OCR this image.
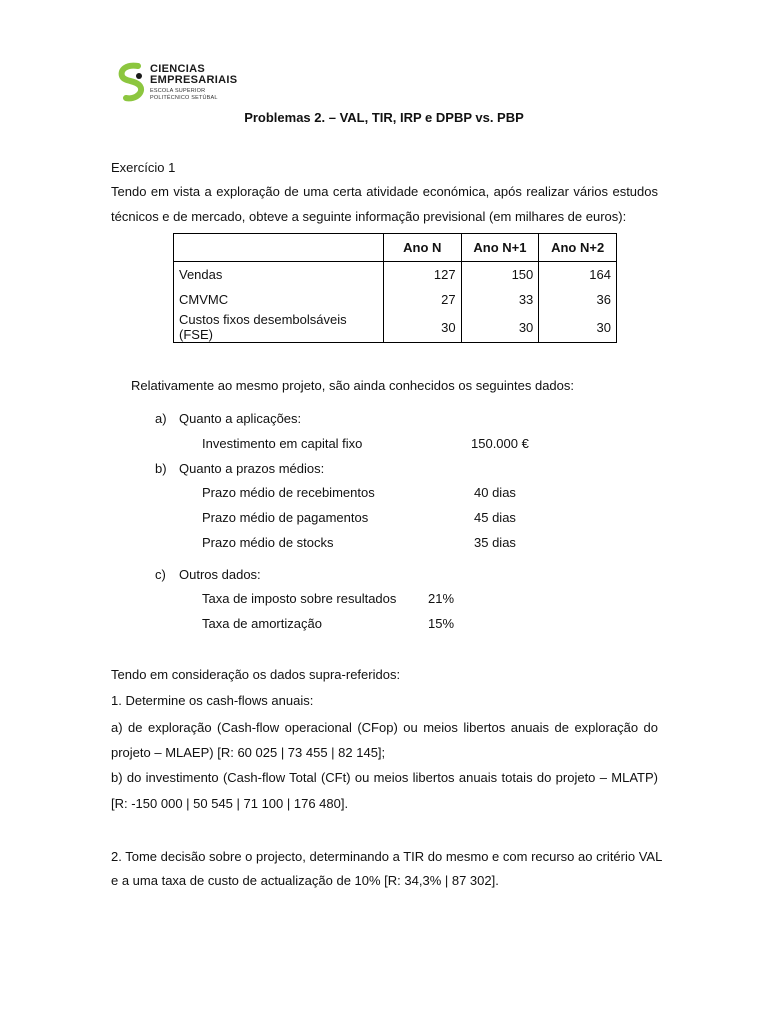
CIENCIAS
EMPRESARIAIS
ESCOLA SUPERIOR
POLITÉCNICO SETÚBAL
Problemas 2. – VAL, TIR, IRP e DPBP vs. PBP
Exercício 1
Tendo em vista a exploração de uma certa atividade económica, após realizar vários estudos
técnicos e de mercado, obteve a seguinte informação previsional (em milhares de euros):
	Ano N	Ano N+1	Ano N+2
Vendas	127	150	164
CMVMC	27	33	36
Custos fixos desembolsáveis (FSE)	30	30	30
Relativamente ao mesmo projeto, são ainda conhecidos os seguintes dados:
a) Quanto a aplicações:
Investimento em capital fixo	150.000 €
b) Quanto a prazos médios:
Prazo médio de recebimentos	40 dias
Prazo médio de pagamentos	45 dias
Prazo médio de stocks	35 dias
c) Outros dados:
Taxa de imposto sobre resultados 21%
Taxa de amortização	15%
Tendo em consideração os dados supra-referidos:
1. Determine os cash-flows anuais:
a) de exploração (Cash-flow operacional (CFop) ou meios libertos anuais de exploração do
projeto – MLAEP) [R: 60 025 | 73 455 | 82 145];
b) do investimento (Cash-flow Total (CFt) ou meios libertos anuais totais do projeto – MLATP)
[R: -150 000 | 50 545 | 71 100 | 176 480].
2. Tome decisão sobre o projecto, determinando a TIR do mesmo e com recurso ao critério VAL
e a uma taxa de custo de actualização de 10% [R: 34,3% | 87 302].
